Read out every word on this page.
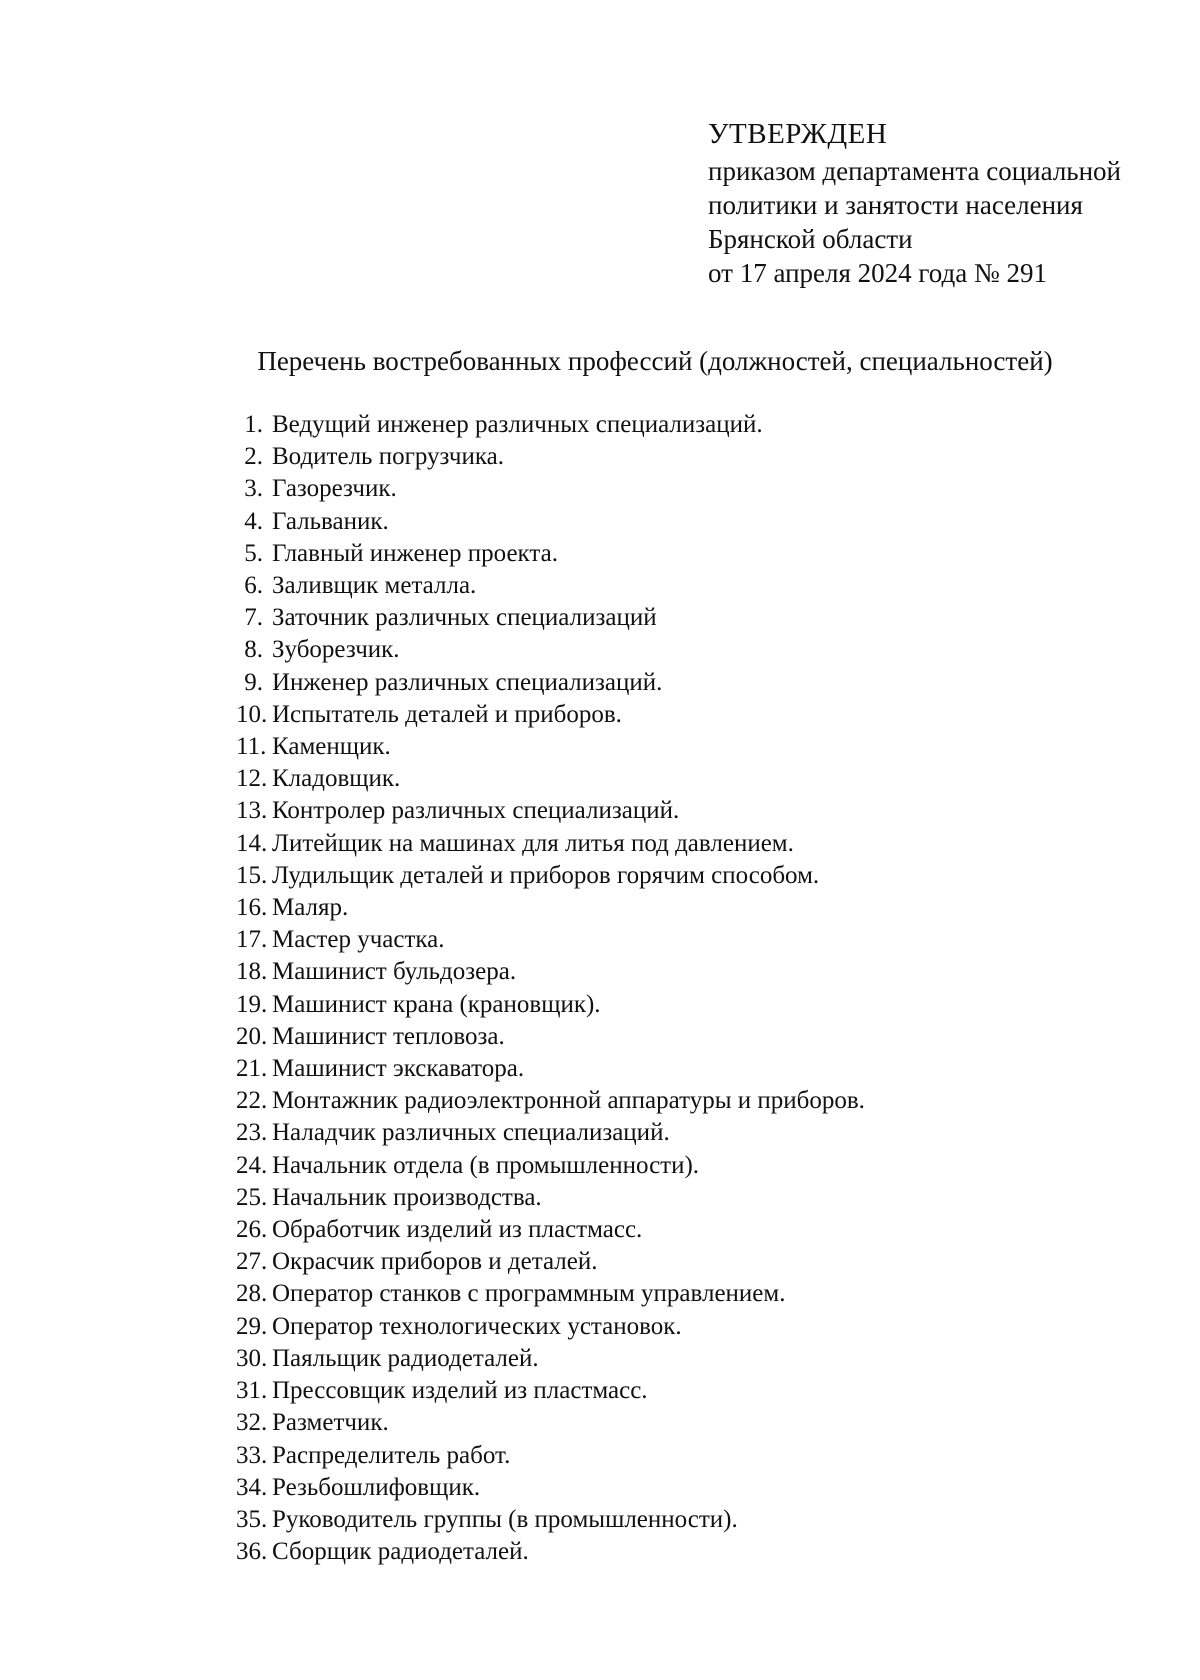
УТВЕРЖДЕН
приказом департамента социальной
политики и занятости населения
Брянской области
от 17 апреля 2024 года № 291
Перечень востребованных профессий (должностей, специальностей)
1. Ведущий инженер различных специализаций.
2. Водитель погрузчика.
3. Газорезчик.
4. Гальваник.
5. Главный инженер проекта.
6. Заливщик металла.
7. Заточник различных специализаций
8. Зуборезчик.
9. Инженер различных специализаций.
10. Испытатель деталей и приборов.
11. Каменщик.
12. Кладовщик.
13. Контролер различных специализаций.
14. Литейщик на машинах для литья под давлением.
15. Лудильщик деталей и приборов горячим способом.
16. Маляр.
17. Мастер участка.
18. Машинист бульдозера.
19. Машинист крана (крановщик).
20. Машинист тепловоза.
21. Машинист экскаватора.
22. Монтажник радиоэлектронной аппаратуры и приборов.
23. Наладчик различных специализаций.
24. Начальник отдела (в промышленности).
25. Начальник производства.
26. Обработчик изделий из пластмасс.
27. Окрасчик приборов и деталей.
28. Оператор станков с программным управлением.
29. Оператор технологических установок.
30. Паяльщик радиодеталей.
31. Прессовщик изделий из пластмасс.
32. Разметчик.
33. Распределитель работ.
34. Резьбошлифовщик.
35. Руководитель группы (в промышленности).
36. Сборщик радиодеталей.
